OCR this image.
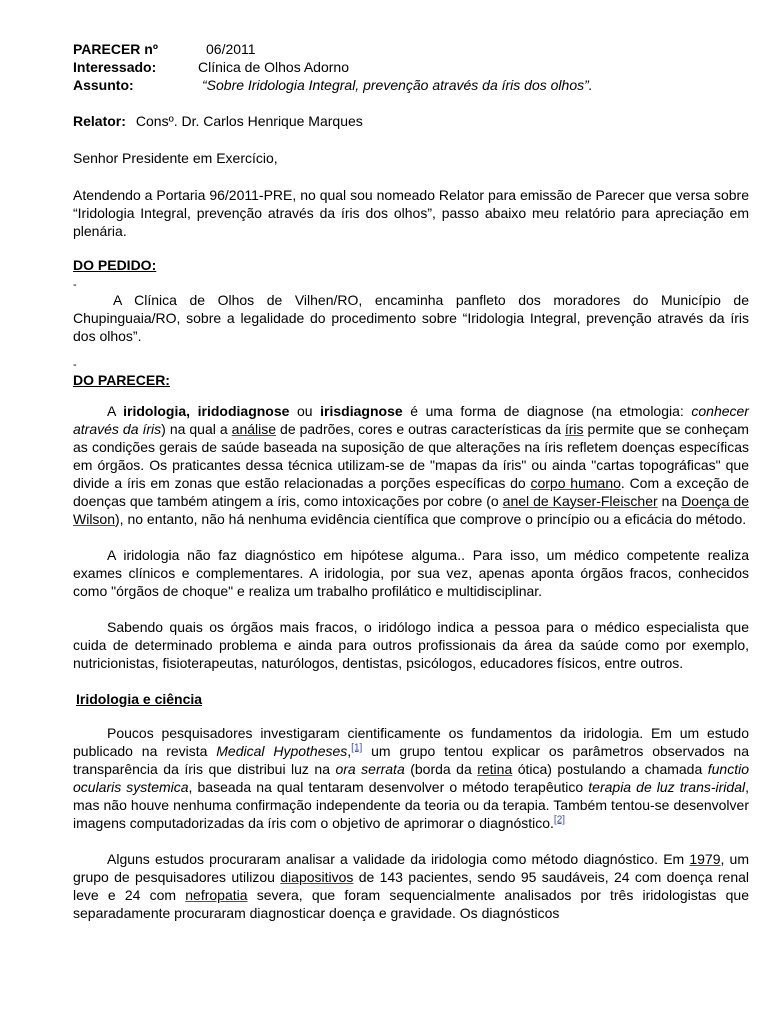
PARECER nº	06/2011
Interessado:	Clínica de Olhos Adorno
Assunto:	“Sobre Iridologia Integral, prevenção através da íris dos olhos”.
Relator: Consº. Dr. Carlos Henrique Marques
Senhor Presidente em Exercício,
Atendendo a Portaria 96/2011-PRE, no qual sou nomeado Relator para emissão de Parecer que versa sobre “Iridologia Integral, prevenção através da íris dos olhos”, passo abaixo meu relatório para apreciação em plenária.
DO PEDIDO:
-
A Clínica de Olhos de Vilhen/RO, encaminha panfleto dos moradores do Município de Chupinguaia/RO, sobre a legalidade do procedimento sobre “Iridologia Integral, prevenção através da íris dos olhos”.
-
DO PARECER:
A iridologia, iridodiagnose ou irisdiagnose é uma forma de diagnose (na etmologia: conhecer através da íris) na qual a análise de padrões, cores e outras características da íris permite que se conheçam as condições gerais de saúde baseada na suposição de que alterações na íris refletem doenças específicas em órgãos. Os praticantes dessa técnica utilizam-se de "mapas da íris" ou ainda "cartas topográficas" que divide a íris em zonas que estão relacionadas a porções específicas do corpo humano. Com a exceção de doenças que também atingem a íris, como intoxicações por cobre (o anel de Kayser-Fleischer na Doença de Wilson), no entanto, não há nenhuma evidência científica que comprove o princípio ou a eficácia do método.
A iridologia não faz diagnóstico em hipótese alguma.. Para isso, um médico competente realiza exames clínicos e complementares. A iridologia, por sua vez, apenas aponta órgãos fracos, conhecidos como "órgãos de choque" e realiza um trabalho profilático e multidisciplinar.
Sabendo quais os órgãos mais fracos, o iridólogo indica a pessoa para o médico especialista que cuida de determinado problema e ainda para outros profissionais da área da saúde como por exemplo, nutricionistas, fisioterapeutas, naturólogos, dentistas, psicólogos, educadores físicos, entre outros.
Iridologia e ciência
Poucos pesquisadores investigaram cientificamente os fundamentos da iridologia. Em um estudo publicado na revista Medical Hypotheses,[1] um grupo tentou explicar os parâmetros observados na transparência da íris que distribui luz na ora serrata (borda da retina ótica) postulando a chamada functio ocularis systemica, baseada na qual tentaram desenvolver o método terapêutico terapia de luz trans-iridal, mas não houve nenhuma confirmação independente da teoria ou da terapia. Também tentou-se desenvolver imagens computadorizadas da íris com o objetivo de aprimorar o diagnóstico.[2]
Alguns estudos procuraram analisar a validade da iridologia como método diagnóstico. Em 1979, um grupo de pesquisadores utilizou diapositivos de 143 pacientes, sendo 95 saudáveis, 24 com doença renal leve e 24 com nefropatia severa, que foram sequencialmente analisados por três iridologistas que separadamente procuraram diagnosticar doença e gravidade. Os diagnósticos
